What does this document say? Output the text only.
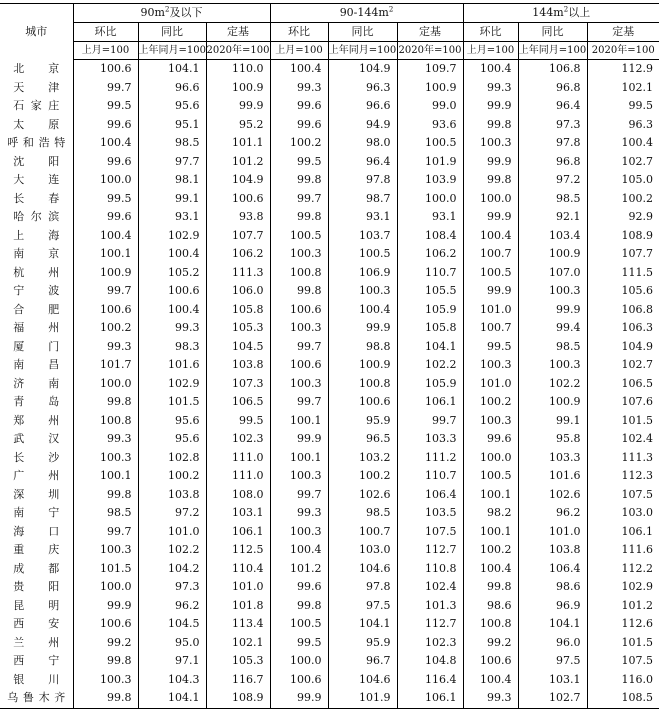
城市	$90m^2$及以下			$90-144m^2$			$144m^2$以上		
	环比	同比	定基	环比	同比	定基	环比	同比	定基
	上月=100	上年同月=100	2020年=100	上月=100	上年同月=100	2020年=100	上月=100	上年同月=100	2020年=100
北京	100.6	104.1	110.0	100.4	104.9	109.7	100.4	106.8	112.9
天津	99.7	96.6	100.9	99.3	96.3	100.9	99.3	96.8	102.1
石家庄	99.5	95.6	99.9	99.6	96.6	99.0	99.9	96.4	99.5
太原	99.6	95.1	95.2	99.6	94.9	93.6	99.8	97.3	96.3
呼和浩特	100.4	98.5	101.1	100.2	98.0	100.5	100.3	97.8	100.4
沈阳	99.6	97.7	101.2	99.5	96.4	101.9	99.9	96.8	102.7
大连	100.0	98.1	104.9	99.8	97.8	103.9	99.8	97.2	105.0
长春	99.5	99.1	100.6	99.7	98.7	100.0	100.0	98.5	100.2
哈尔滨	99.6	93.1	93.8	99.8	93.1	93.1	99.9	92.1	92.9
上海	100.4	102.9	107.7	100.5	103.7	108.4	100.4	103.4	108.9
南京	100.1	100.4	106.2	100.3	100.5	106.2	100.7	100.9	107.7
杭州	100.9	105.2	111.3	100.8	106.9	110.7	100.5	107.0	111.5
宁波	99.7	100.6	106.0	99.8	100.3	105.5	99.9	100.3	105.6
合肥	100.6	100.4	105.8	100.6	100.4	105.9	101.0	99.9	106.8
福州	100.2	99.3	105.3	100.3	99.9	105.8	100.7	99.4	106.3
厦门	99.3	98.3	104.5	99.7	98.8	104.1	99.5	98.5	104.9
南昌	101.7	101.6	103.8	100.6	100.9	102.2	100.3	100.3	102.7
济南	100.0	102.9	107.3	100.3	100.8	105.9	101.0	102.2	106.5
青岛	99.8	101.5	106.5	99.7	100.6	106.1	100.2	100.9	107.6
郑州	100.8	95.6	99.5	100.1	95.9	99.7	100.3	99.1	101.5
武汉	99.3	95.6	102.3	99.9	96.5	103.3	99.6	95.8	102.4
长沙	100.3	102.8	111.0	100.1	103.2	111.2	100.0	103.3	111.3
广州	100.1	100.2	111.0	100.3	100.2	110.7	100.5	101.6	112.3
深圳	99.8	103.8	108.0	99.7	102.6	106.4	100.1	102.6	107.5
南宁	98.5	97.2	103.1	99.3	98.5	103.5	98.2	96.2	103.0
海口	99.7	101.0	106.1	100.3	100.7	107.5	100.1	101.0	106.1
重庆	100.3	102.2	112.5	100.4	103.0	112.7	100.2	103.8	111.6
成都	101.5	104.2	110.4	101.2	104.6	110.8	100.4	106.4	112.2
贵阳	100.0	97.3	101.0	99.6	97.8	102.4	99.8	98.6	102.9
昆明	99.9	96.2	101.8	99.8	97.5	101.3	98.6	96.9	101.2
西安	100.6	104.5	113.4	100.5	104.1	112.7	100.8	104.1	112.6
兰州	99.2	95.0	102.1	99.5	95.9	102.3	99.2	96.0	101.5
西宁	99.8	97.1	105.3	100.0	96.7	104.8	100.6	97.5	107.5
银川	100.3	104.3	116.7	100.6	104.6	116.4	100.4	103.1	116.0
乌鲁木齐	99.8	104.1	108.9	99.9	101.9	106.1	99.3	102.7	108.5
